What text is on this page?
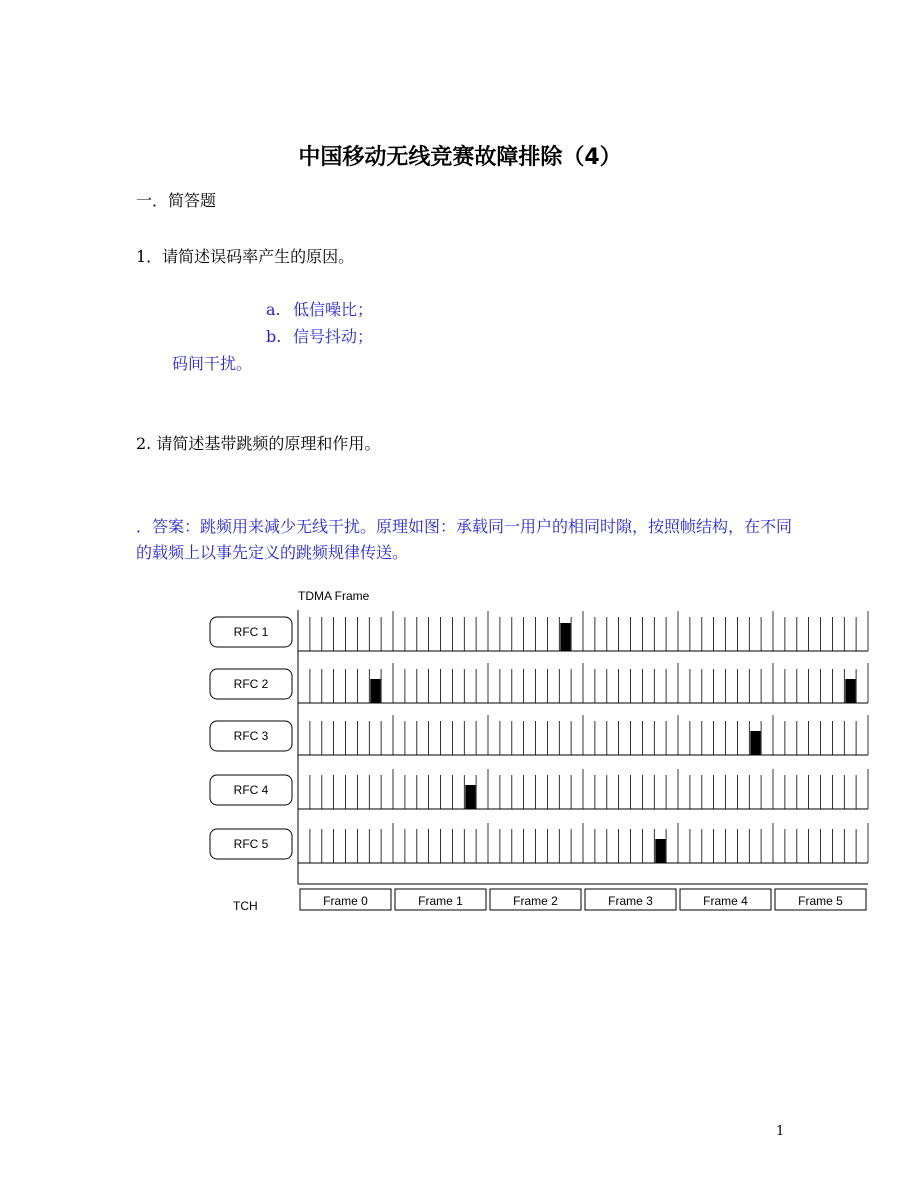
中国移动无线竞赛故障排除（4）
一．简答题
1．请简述误码率产生的原因。
a. 低信噪比；
b. 信号抖动；
码间干扰。
2. 请简述基带跳频的原理和作用。
．答案：跳频用来减少无线干扰。原理如图：承载同一用户的相同时隙，按照帧结构，在不同的载频上以事先定义的跳频规律传送。
TDMA Frame
TCH
RFC 1
RFC 2
RFC 3
RFC 4
RFC 5
Frame 0	Frame 1	Frame 2	Frame 3	Frame 4	Frame 5
1
